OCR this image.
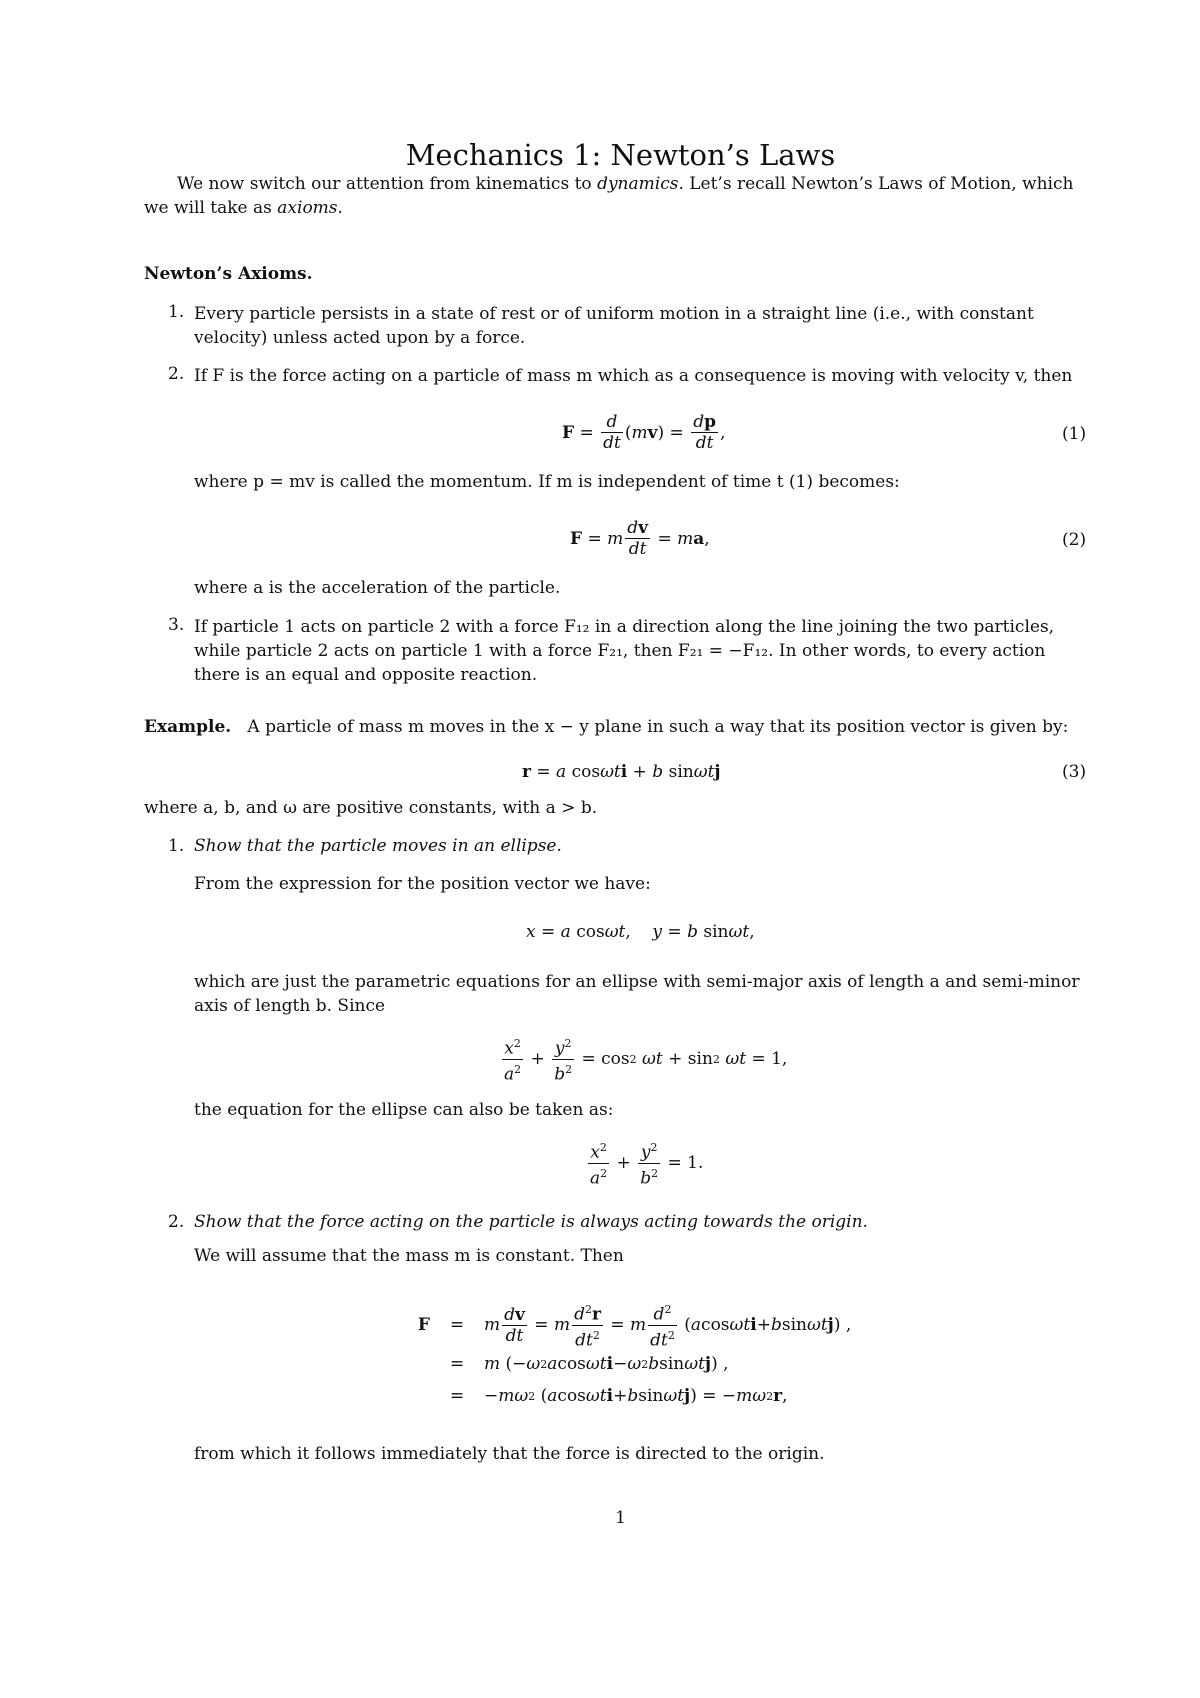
Mechanics 1: Newton’s Laws
We now switch our attention from kinematics to dynamics. Let’s recall Newton’s Laws of Motion, which
we will take as axioms.
Newton’s Axioms.
1. Every particle persists in a state of rest or of uniform motion in a straight line (i.e., with constant
velocity) unless acted upon by a force.
2. If F is the force acting on a particle of mass m which as a consequence is moving with velocity v, then
$F = \frac{d}{dt}$ ( m v ) = $\frac{dp}{dt}$ ,	(1)
where p = mv is called the momentum. If m is independent of time t (1) becomes:
F = m $\frac{dv}{dt} = m$ a ,	(2)
where a is the acceleration of the particle.
3. If particle 1 acts on particle 2 with a force F₁₂ in a direction along the line joining the two particles,
while particle 2 acts on particle 1 with a force F₂₁, then F₂₁ = −F₁₂. In other words, to every action
there is an equal and opposite reaction.
Example. A particle of mass m moves in the x − y plane in such a way that its position vector is given by:
r = a cosωti + b sinωtj	(3)
where a, b, and ω are positive constants, with a > b.
1. Show that the particle moves in an ellipse.
From the expression for the position vector we have:
x = a cosωt,    y = b sinωt,
which are just the parametric equations for an ellipse with semi-major axis of length a and semi-minor
axis of length b. Since
$\frac{x^2}{a^2} + \frac{y^2}{b^2} = \cos 2$
ωt + sin 2
ωt = 1,
the equation for the ellipse can also be taken as:
$\frac{x^2}{a^2} + \frac{y^2}{b^2} = 1$.
2. Show that the force acting on the particle is always acting towards the origin.
We will assume that the mass m is constant. Then
F	=	m $\frac{dv}{dt} = m \frac{d^2r}{dt^2} = m \frac{d^2}{dt^2}$ ( a cos ωt i + b sin ωt j ) ,
=	m (− ω 2 a cos ωt i − ω 2 b sin ωt j ) ,
=	− mω 2 ( a cos ωt i + b sin ωt j ) = − mω 2 r ,
from which it follows immediately that the force is directed to the origin.
1
